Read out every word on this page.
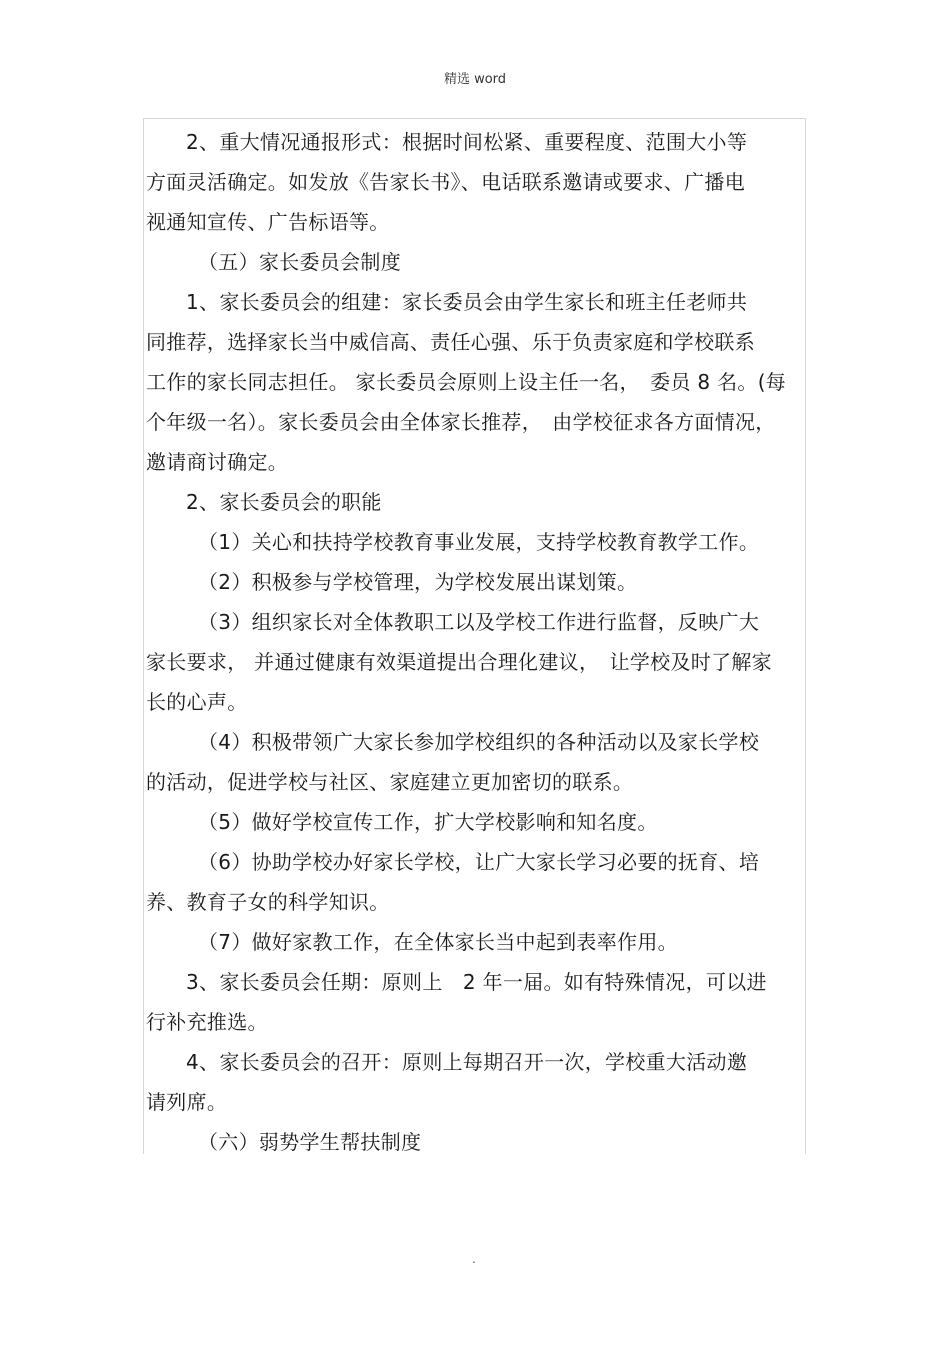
精选 word

2、重大情况通报形式：根据时间松紧、重要程度、范围大小等

方面灵活确定。如发放《告家长书》、电话联系邀请或要求、广播电

视通知宣传、广告标语等。

（五）家长委员会制度

1、家长委员会的组建：家长委员会由学生家长和班主任老师共

同推荐，选择家长当中威信高、责任心强、乐于负责家庭和学校联系

工作的家长同志担任。 家长委员会原则上设主任一名，　委员 8 名。(每

个年级一名）。家长委员会由全体家长推荐，　由学校征求各方面情况，

邀请商讨确定。

2、家长委员会的职能

（1）关心和扶持学校教育事业发展，支持学校教育教学工作。

（2）积极参与学校管理，为学校发展出谋划策。

（3）组织家长对全体教职工以及学校工作进行监督，反映广大

家长要求， 并通过健康有效渠道提出合理化建议，　让学校及时了解家

长的心声。

（4）积极带领广大家长参加学校组织的各种活动以及家长学校

的活动，促进学校与社区、家庭建立更加密切的联系。

（5）做好学校宣传工作，扩大学校影响和知名度。

（6）协助学校办好家长学校，让广大家长学习必要的抚育、培

养、教育子女的科学知识。

（7）做好家教工作，在全体家长当中起到表率作用。

3、家长委员会任期：原则上　2 年一届。如有特殊情况，可以进

行补充推选。

4、家长委员会的召开：原则上每期召开一次，学校重大活动邀

请列席。

（六）弱势学生帮扶制度

.
